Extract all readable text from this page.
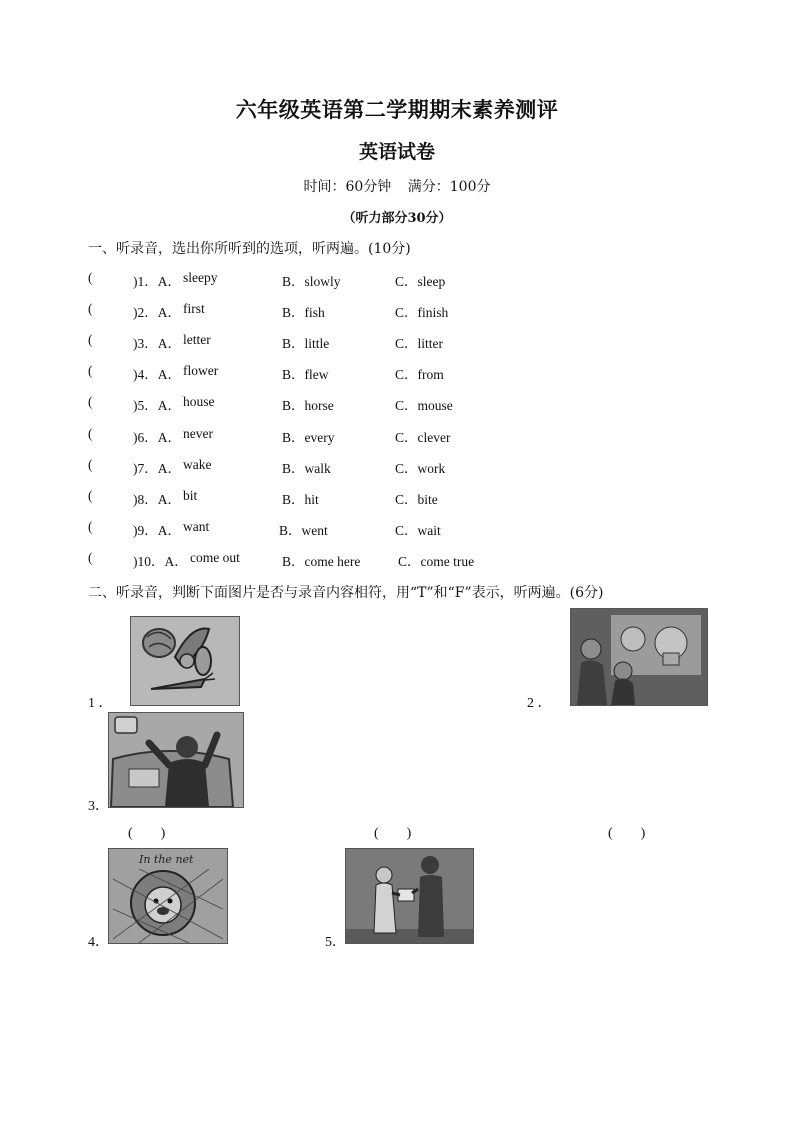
六年级英语第二学期期末素养测评
英语试卷
时间：60分钟 满分：100分
（听力部分30分）
一、听录音，选出你所听到的选项，听两遍。(10分)
(	)1．A． sleepy	B．slowly	C．sleep
(	)2．A． first	B．fish	C．finish
(	)3．A． letter	B．little	C．litter
(	)4．A． flower	B．flew	C．from
(	)5．A． house	B．horse	C．mouse
(	)6．A． never	B．every	C．clever
(	)7．A． wake	B．walk	C．work
(	)8．A． bit	B．hit	C．bite
(	)9．A． want	B．went	C．wait
(	)10．A． come out	B．come here	C．come true
二、听录音，判断下面图片是否与录音内容相符，用“T”和“F”表示，听两遍。(6分)
1 ．	2 ．
3．
(　　)	(　　)	(　　)
In the net
4．	5．
